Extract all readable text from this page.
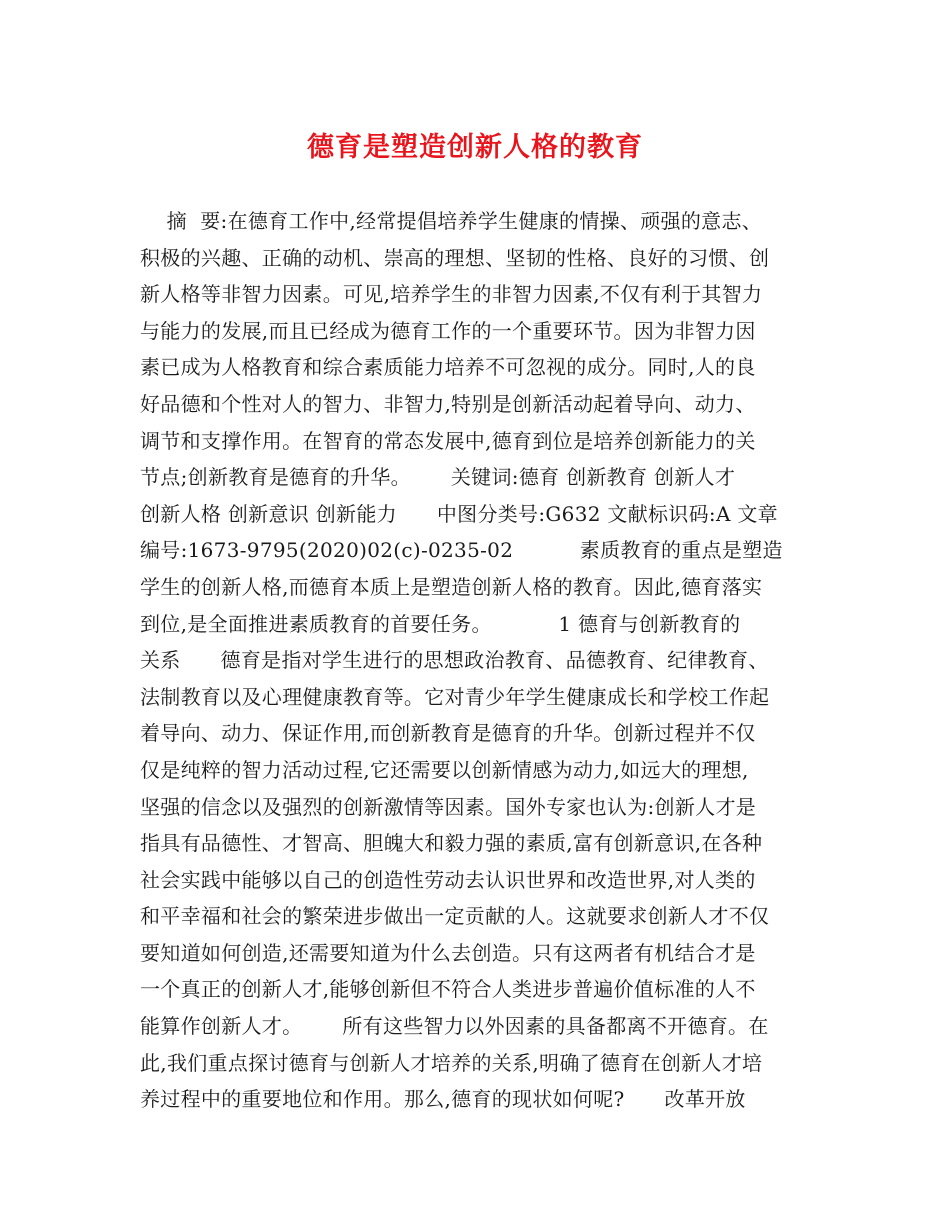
德育是塑造创新人格的教育
摘  要:在德育工作中,经常提倡培养学生健康的情操、顽强的意志、
积极的兴趣、正确的动机、崇高的理想、坚韧的性格、良好的习惯、创
新人格等非智力因素。可见,培养学生的非智力因素,不仅有利于其智力
与能力的发展,而且已经成为德育工作的一个重要环节。因为非智力因
素已成为人格教育和综合素质能力培养不可忽视的成分。同时,人的良
好品德和个性对人的智力、非智力,特别是创新活动起着导向、动力、
调节和支撑作用。在智育的常态发展中,德育到位是培养创新能力的关
节点;创新教育是德育的升华。      关键词:德育 创新教育 创新人才
创新人格 创新意识 创新能力      中图分类号:G632 文献标识码:A 文章
编号:1673-9795(2020)02(c)-0235-02          素质教育的重点是塑造
学生的创新人格,而德育本质上是塑造创新人格的教育。因此,德育落实
到位,是全面推进素质教育的首要任务。          1 德育与创新教育的
关系      德育是指对学生进行的思想政治教育、品德教育、纪律教育、
法制教育以及心理健康教育等。它对青少年学生健康成长和学校工作起
着导向、动力、保证作用,而创新教育是德育的升华。创新过程并不仅
仅是纯粹的智力活动过程,它还需要以创新情感为动力,如远大的理想,
坚强的信念以及强烈的创新激情等因素。国外专家也认为:创新人才是
指具有品德性、才智高、胆魄大和毅力强的素质,富有创新意识,在各种
社会实践中能够以自己的创造性劳动去认识世界和改造世界,对人类的
和平幸福和社会的繁荣进步做出一定贡献的人。这就要求创新人才不仅
要知道如何创造,还需要知道为什么去创造。只有这两者有机结合才是
一个真正的创新人才,能够创新但不符合人类进步普遍价值标准的人不
能算作创新人才。      所有这些智力以外因素的具备都离不开德育。在
此,我们重点探讨德育与创新人才培养的关系,明确了德育在创新人才培
养过程中的重要地位和作用。那么,德育的现状如何呢?      改革开放
